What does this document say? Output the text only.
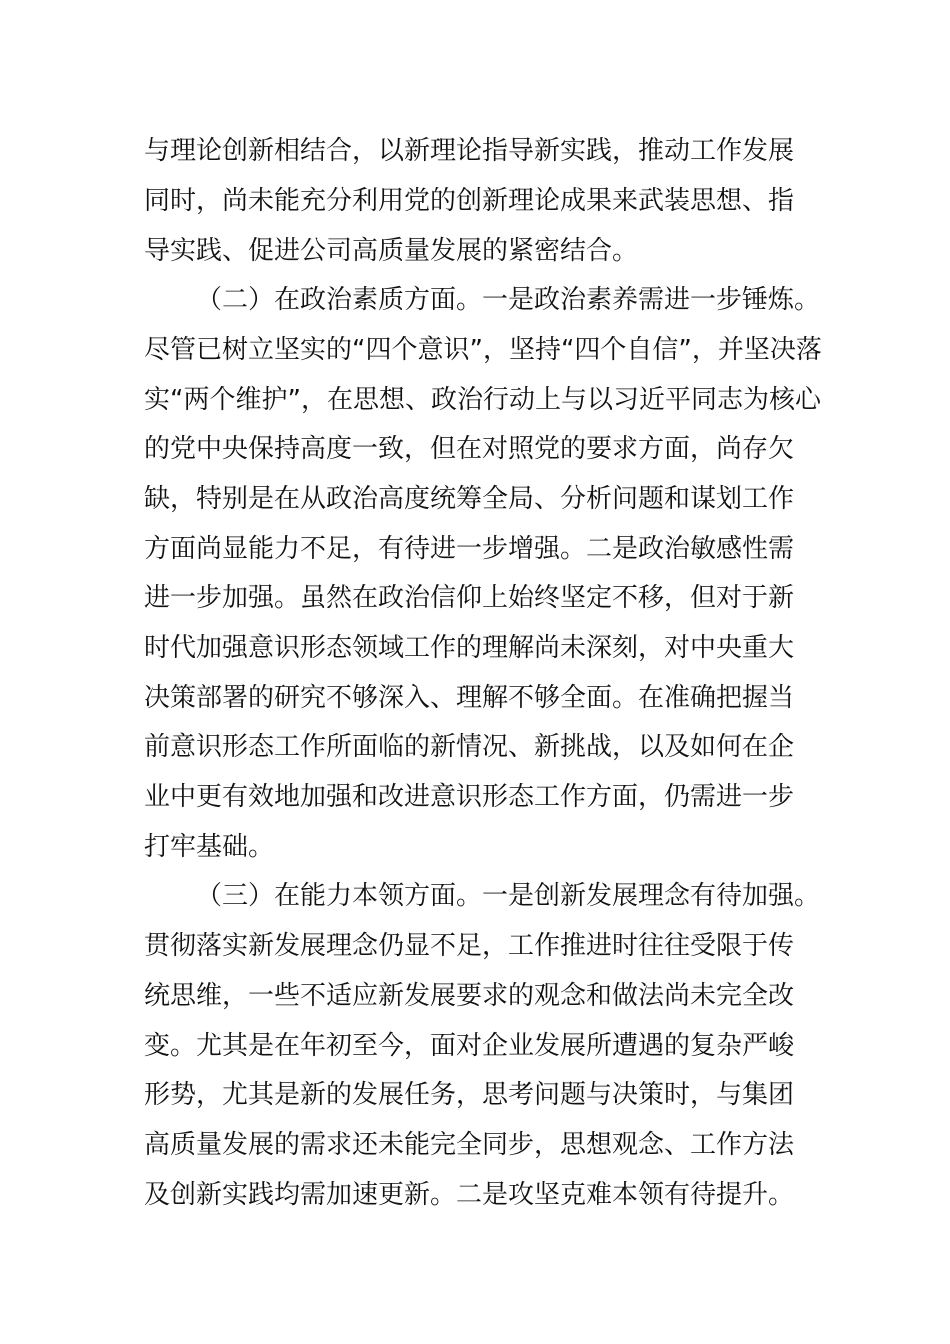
与理论创新相结合，以新理论指导新实践，推动工作发展
同时，尚未能充分利用党的创新理论成果来武装思想、指
导实践、促进公司高质量发展的紧密结合。
（二）在政治素质方面。一是政治素养需进一步锤炼。
尽管已树立坚实的“四个意识”，坚持“四个自信”，并坚决落
实“两个维护”，在思想、政治行动上与以习近平同志为核心
的党中央保持高度一致，但在对照党的要求方面，尚存欠
缺，特别是在从政治高度统筹全局、分析问题和谋划工作
方面尚显能力不足，有待进一步增强。二是政治敏感性需
进一步加强。虽然在政治信仰上始终坚定不移，但对于新
时代加强意识形态领域工作的理解尚未深刻，对中央重大
决策部署的研究不够深入、理解不够全面。在准确把握当
前意识形态工作所面临的新情况、新挑战，以及如何在企
业中更有效地加强和改进意识形态工作方面，仍需进一步
打牢基础。
（三）在能力本领方面。一是创新发展理念有待加强。
贯彻落实新发展理念仍显不足，工作推进时往往受限于传
统思维，一些不适应新发展要求的观念和做法尚未完全改
变。尤其是在年初至今，面对企业发展所遭遇的复杂严峻
形势，尤其是新的发展任务，思考问题与决策时，与集团
高质量发展的需求还未能完全同步，思想观念、工作方法
及创新实践均需加速更新。二是攻坚克难本领有待提升。
